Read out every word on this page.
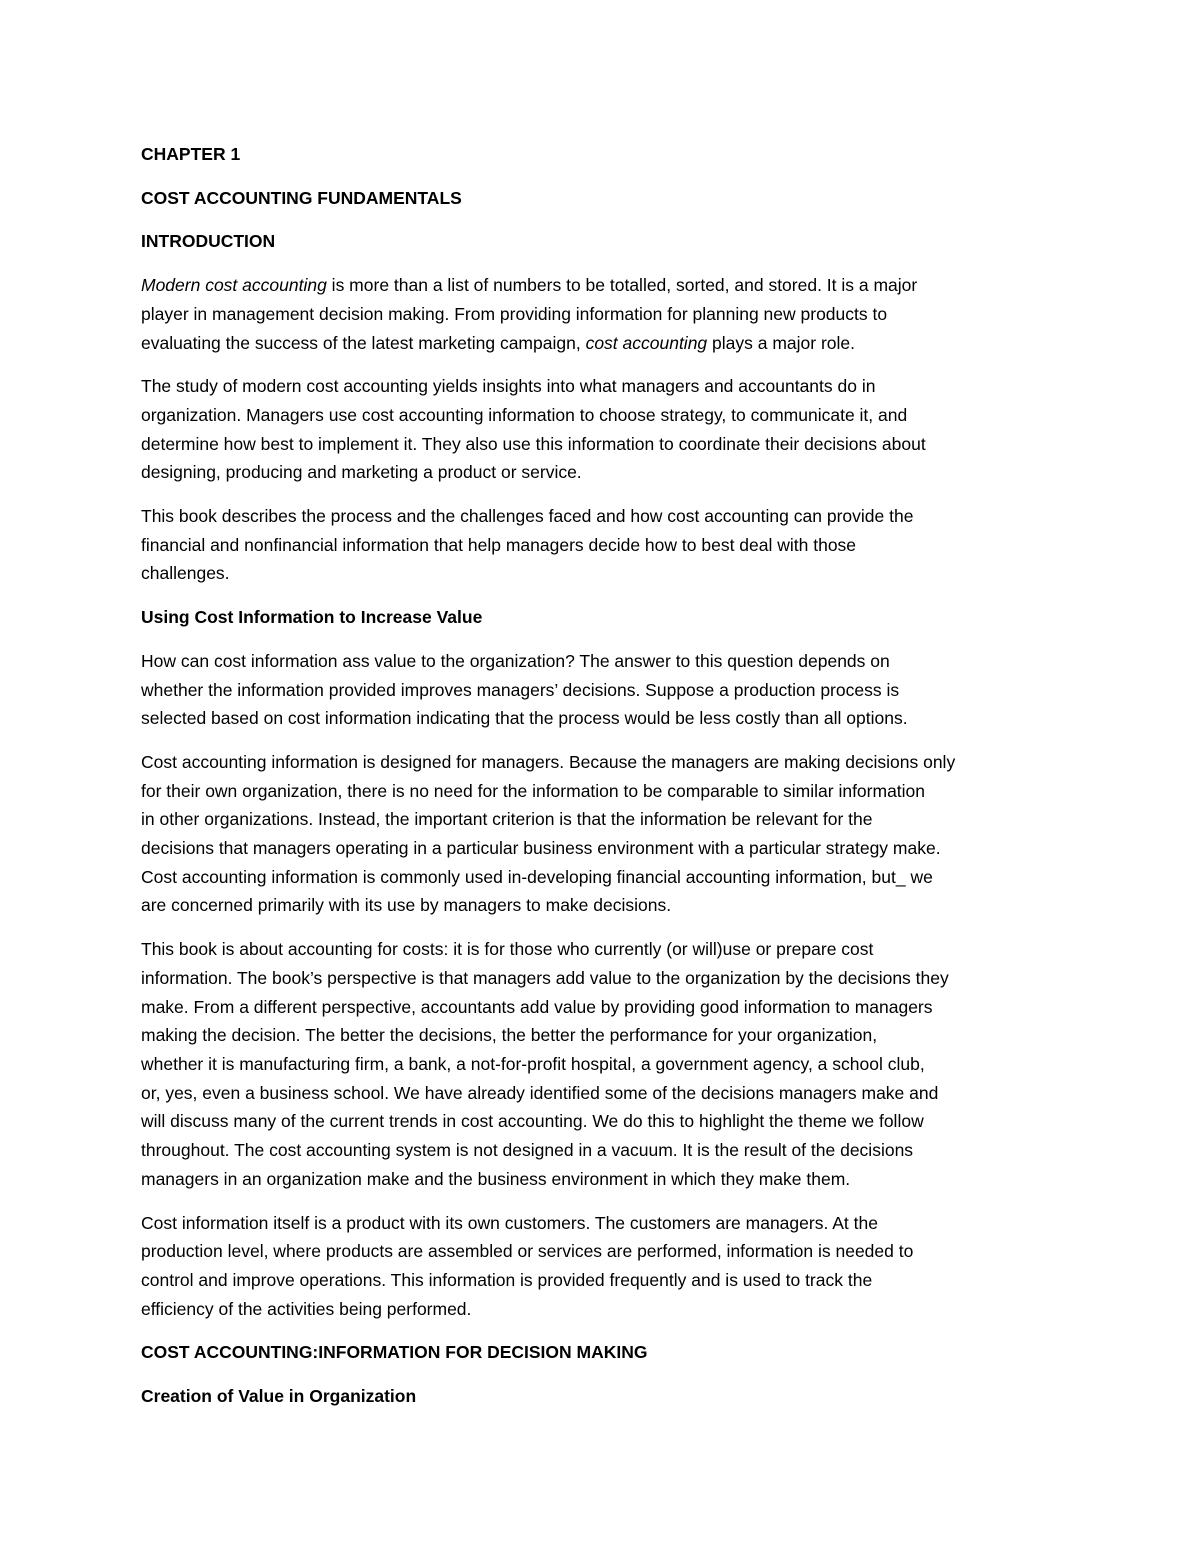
CHAPTER 1
COST ACCOUNTING FUNDAMENTALS
INTRODUCTION
Modern cost accounting is more than a list of numbers to be totalled, sorted, and stored. It is a major
player in management decision making. From providing information for planning new products to
evaluating the success of the latest marketing campaign, cost accounting plays a major role.
The study of modern cost accounting yields insights into what managers and accountants do in
organization. Managers use cost accounting information to choose strategy, to communicate it, and
determine how best to implement it. They also use this information to coordinate their decisions about
designing, producing and marketing a product or service.
This book describes the process and the challenges faced and how cost accounting can provide the
financial and nonfinancial information that help managers decide how to best deal with those
challenges.
Using Cost Information to Increase Value
How can cost information ass value to the organization? The answer to this question depends on
whether the information provided improves managers’ decisions. Suppose a production process is
selected based on cost information indicating that the process would be less costly than all options.
Cost accounting information is designed for managers. Because the managers are making decisions only
for their own organization, there is no need for the information to be comparable to similar information
in other organizations. Instead, the important criterion is that the information be relevant for the
decisions that managers operating in a particular business environment with a particular strategy make.
Cost accounting information is commonly used in-developing financial accounting information, but_ we
are concerned primarily with its use by managers to make decisions.
This book is about accounting for costs: it is for those who currently (or will)use or prepare cost
information. The book’s perspective is that managers add value to the organization by the decisions they
make. From a different perspective, accountants add value by providing good information to managers
making the decision. The better the decisions, the better the performance for your organization,
whether it is manufacturing firm, a bank, a not-for-profit hospital, a government agency, a school club,
or, yes, even a business school. We have already identified some of the decisions managers make and
will discuss many of the current trends in cost accounting. We do this to highlight the theme we follow
throughout. The cost accounting system is not designed in a vacuum. It is the result of the decisions
managers in an organization make and the business environment in which they make them.
Cost information itself is a product with its own customers. The customers are managers. At the
production level, where products are assembled or services are performed, information is needed to
control and improve operations. This information is provided frequently and is used to track the
efficiency of the activities being performed.
COST ACCOUNTING:INFORMATION FOR DECISION MAKING
Creation of Value in Organization
